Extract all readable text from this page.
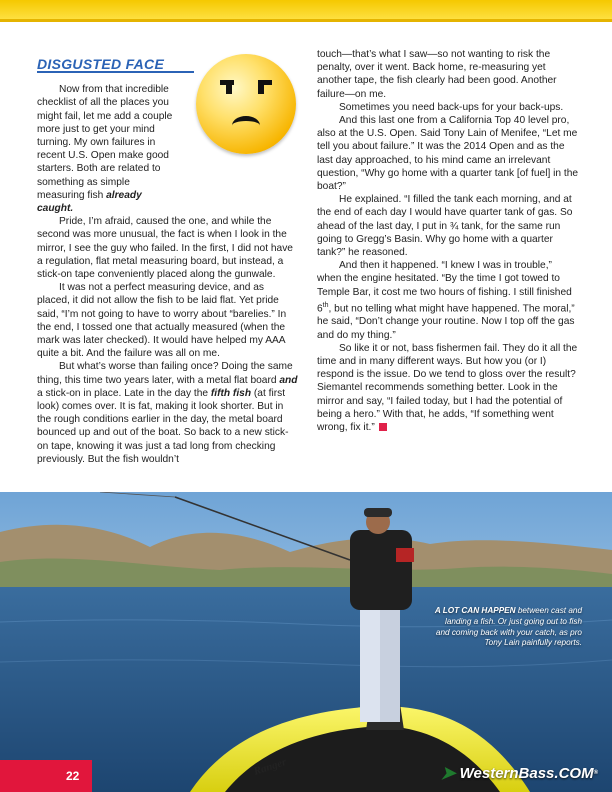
DISGUSTED FACE

Now from that incredible checklist of all the places you might fail, let me add a couple more just to get your mind turning. My own failures in recent U.S. Open make good starters. Both are related to something as simple measuring fish already caught.

Pride, I’m afraid, caused the one, and while the second was more unusual, the fact is when I look in the mirror, I see the guy who failed. In the first, I did not have a regulation, flat metal measuring board, but instead, a stick-on tape conveniently placed along the gunwale.

It was not a perfect measuring device, and as placed, it did not allow the fish to be laid flat. Yet pride said, “I’m not going to have to worry about “barelies.” In the end, I tossed one that actually measured (when the mark was later checked). It would have helped my AAA quite a bit. And the failure was all on me.

But what’s worse than failing once? Doing the same thing, this time two years later, with a metal flat board and a stick-on in place. Late in the day the fifth fish (at first look) comes over. It is fat, making it look shorter. But in the rough conditions earlier in the day, the metal board bounced up and out of the boat. So back to a new stick-on tape, knowing it was just a tad long from checking previously. But the fish wouldn’t

touch—that’s what I saw—so not wanting to risk the penalty, over it went. Back home, re-measuring yet another tape, the fish clearly had been good. Another failure—on me.

Sometimes you need back-ups for your back-ups.

And this last one from a California Top 40 level pro, also at the U.S. Open. Said Tony Lain of Menifee, “Let me tell you about failure.” It was the 2014 Open and as the last day approached, to his mind came an irrelevant question, “Why go home with a quarter tank [of fuel] in the boat?”

He explained. “I filled the tank each morning, and at the end of each day I would have quarter tank of gas. So ahead of the last day, I put in ¾ tank, for the same run going to Gregg’s Basin. Why go home with a quarter tank?” he reasoned.

And then it happened. “I knew I was in trouble,” when the engine hesitated. “By the time I got towed to Temple Bar, it cost me two hours of fishing. I still finished 6th, but no telling what might have happened. The moral,” he said, “Don’t change your routine. Now I top off the gas and do my thing.”

So like it or not, bass fishermen fail. They do it all the time and in many different ways. But how you (or I) respond is the issue. Do we tend to gloss over the result? Siemantel recommends something better. Look in the mirror and say, “I failed today, but I had the potential of being a hero.” With that, he adds, “If something went wrong, fix it.”

Ranger
A LOT CAN HAPPEN between cast and landing a fish. Or just going out to fish and coming back with your catch, as pro Tony Lain painfully reports.
22	➤ WesternBass .COM ®
